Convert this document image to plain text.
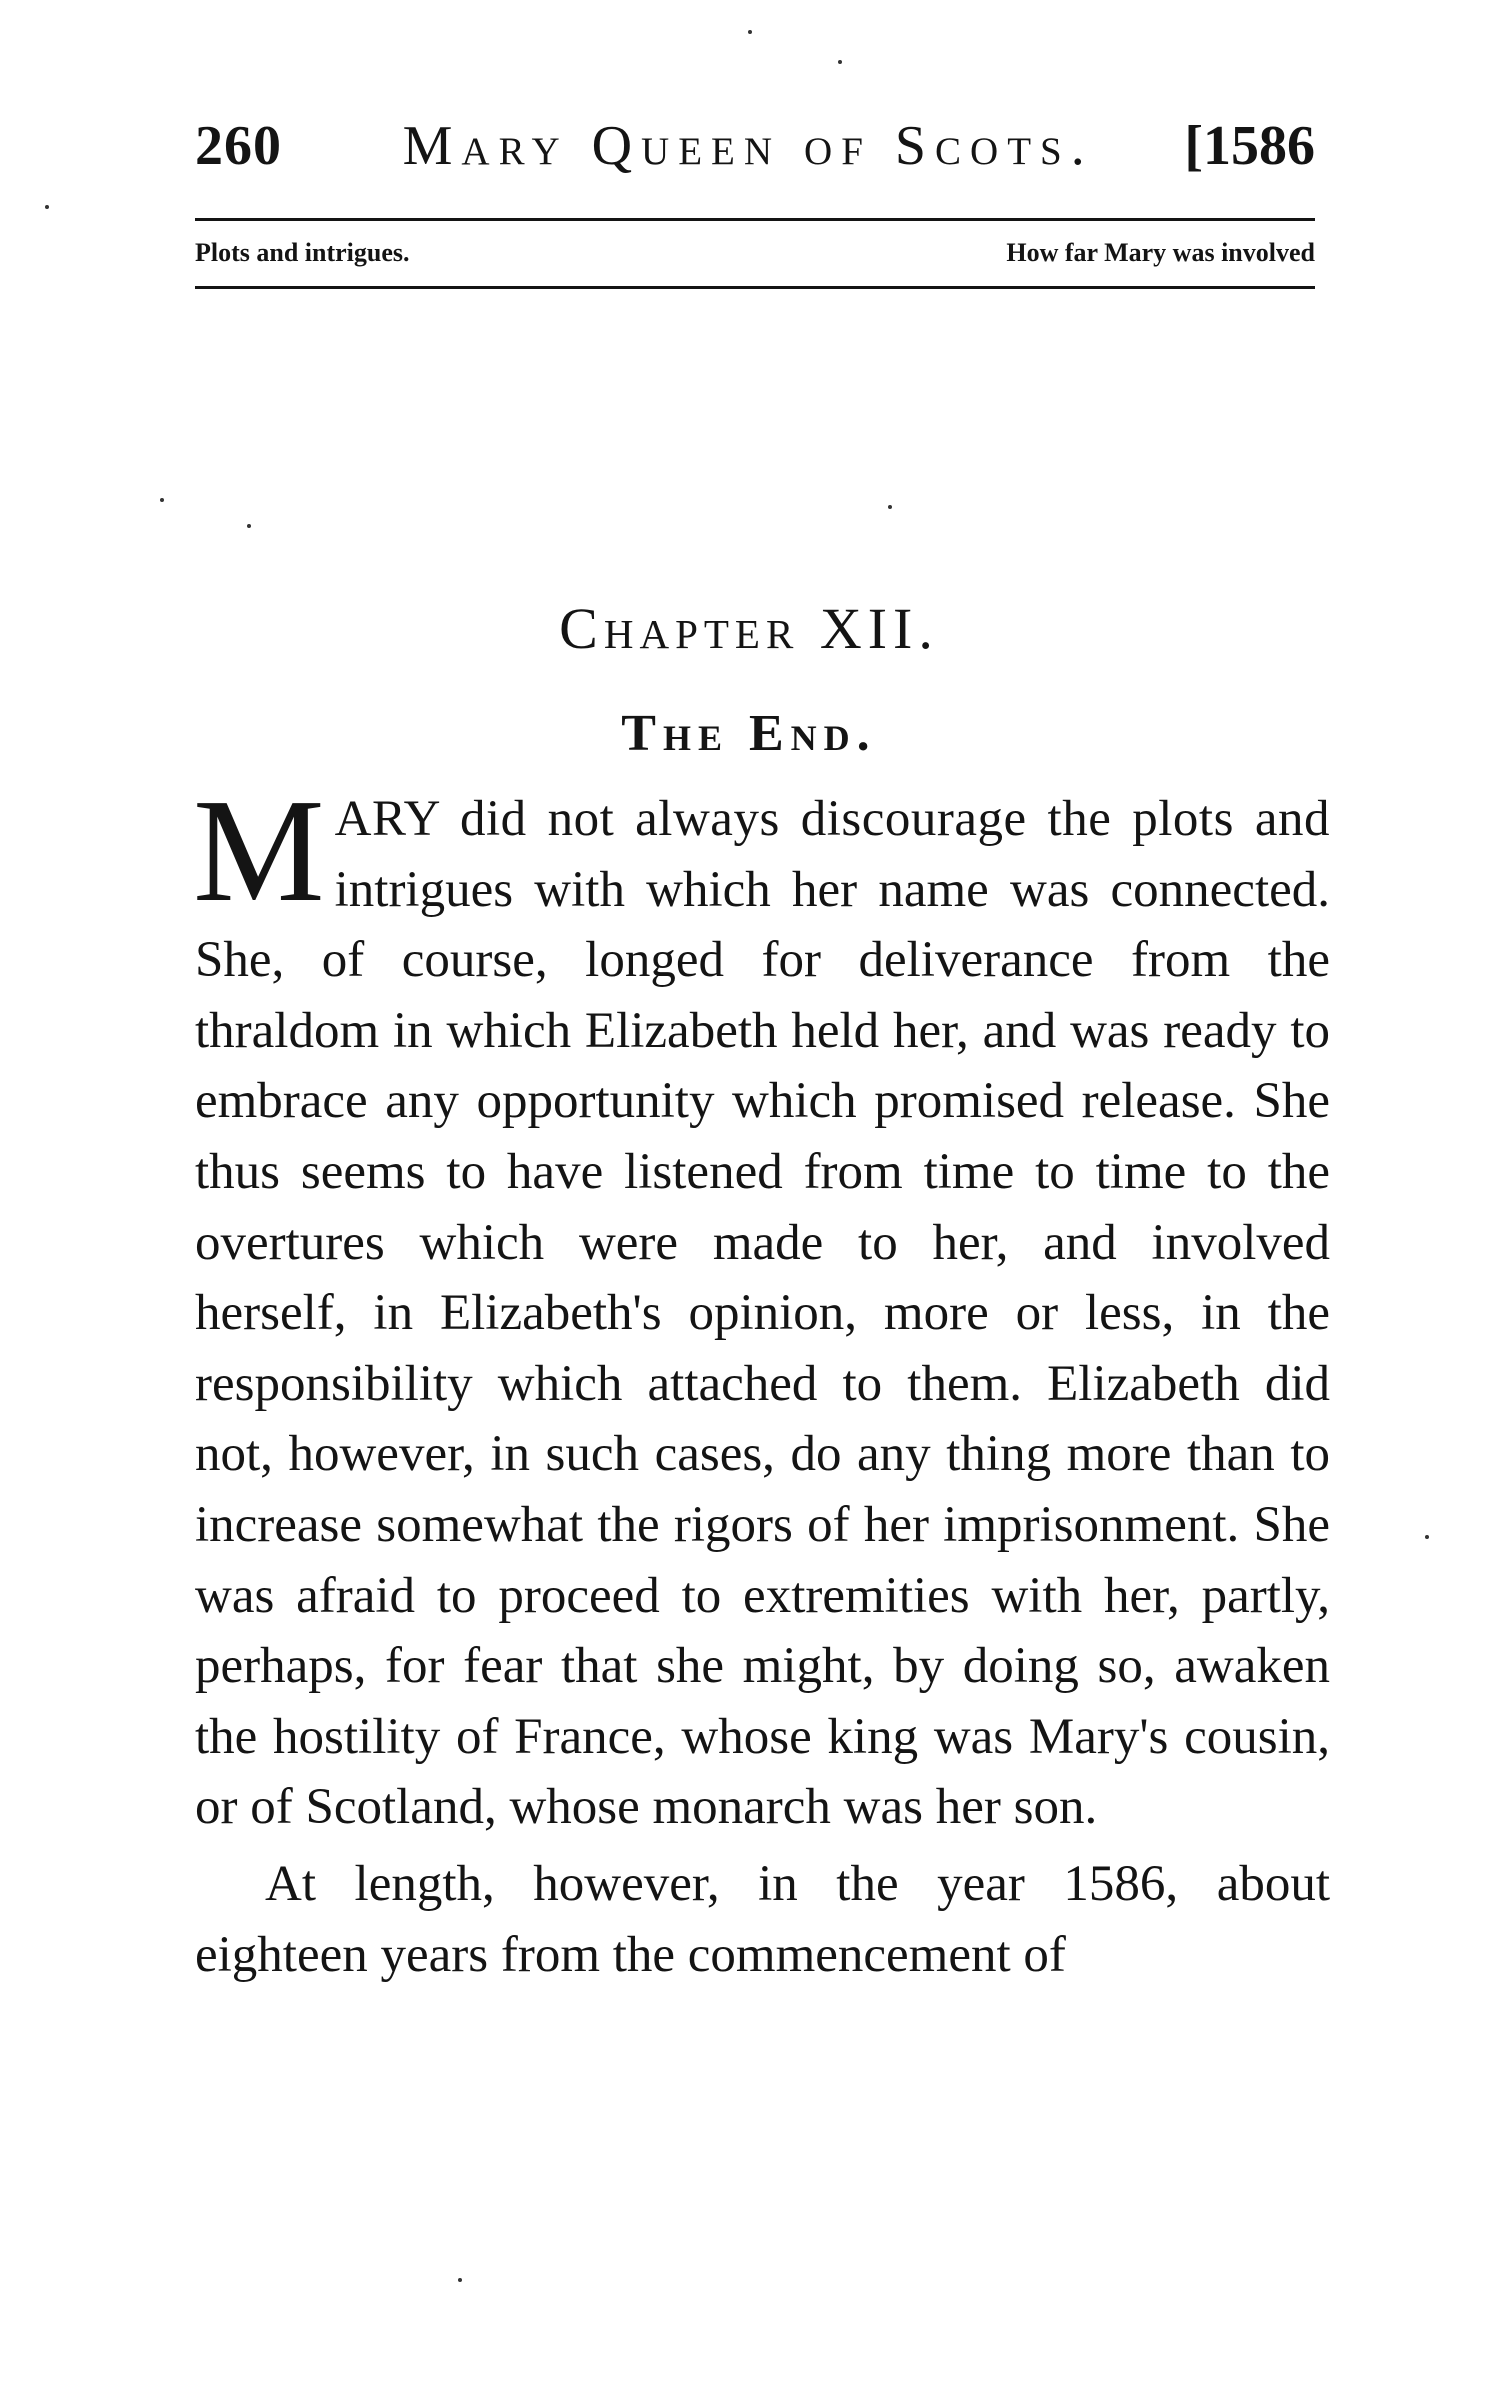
260 Mary Queen of Scots. [1586
Plots and intrigues.	How far Mary was involved
Chapter XII.
The End.

MARY did not always discourage the plots and intrigues with which her name was connected. She, of course, longed for deliverance from the thraldom in which Elizabeth held her, and was ready to embrace any opportunity which promised release. She thus seems to have listened from time to time to the overtures which were made to her, and involved herself, in Elizabeth's opinion, more or less, in the responsibility which attached to them. Elizabeth did not, however, in such cases, do any thing more than to increase somewhat the rigors of her imprisonment. She was afraid to proceed to extremities with her, partly, perhaps, for fear that she might, by doing so, awaken the hostility of France, whose king was Mary's cousin, or of Scotland, whose monarch was her son.

At length, however, in the year 1586, about eighteen years from the commencement of
